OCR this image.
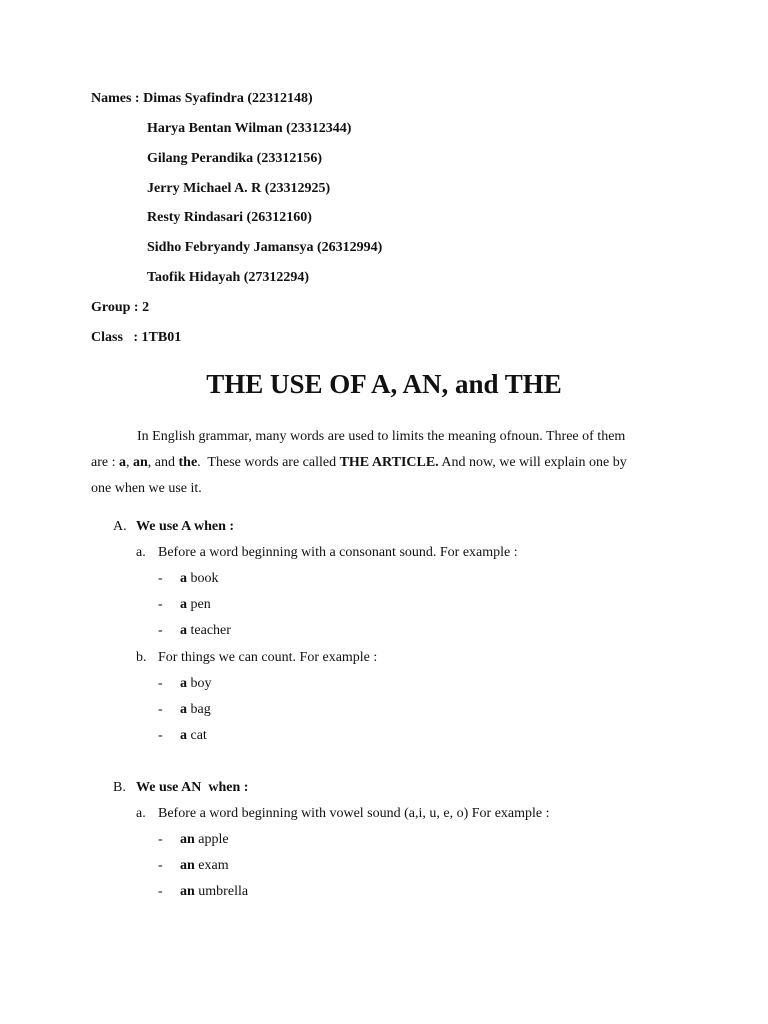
Names : Dimas Syafindra (22312148)
Harya Bentan Wilman (23312344)
Gilang Perandika (23312156)
Jerry Michael A. R (23312925)
Resty Rindasari (26312160)
Sidho Febryandy Jamansya (26312994)
Taofik Hidayah (27312294)
Group : 2
Class   : 1TB01
THE USE OF A, AN, and THE
In English grammar, many words are used to limits the meaning ofnoun. Three of them
are : a, an, and the.  These words are called THE ARTICLE. And now, we will explain one by
one when we use it.
A. We use A when :
a. Before a word beginning with a consonant sound. For example :
- a book
- a pen
- a teacher
b. For things we can count. For example :
- a boy
- a bag
- a cat
B. We use AN  when :
a. Before a word beginning with vowel sound (a,i, u, e, o) For example :
- an apple
- an exam
- an umbrella
